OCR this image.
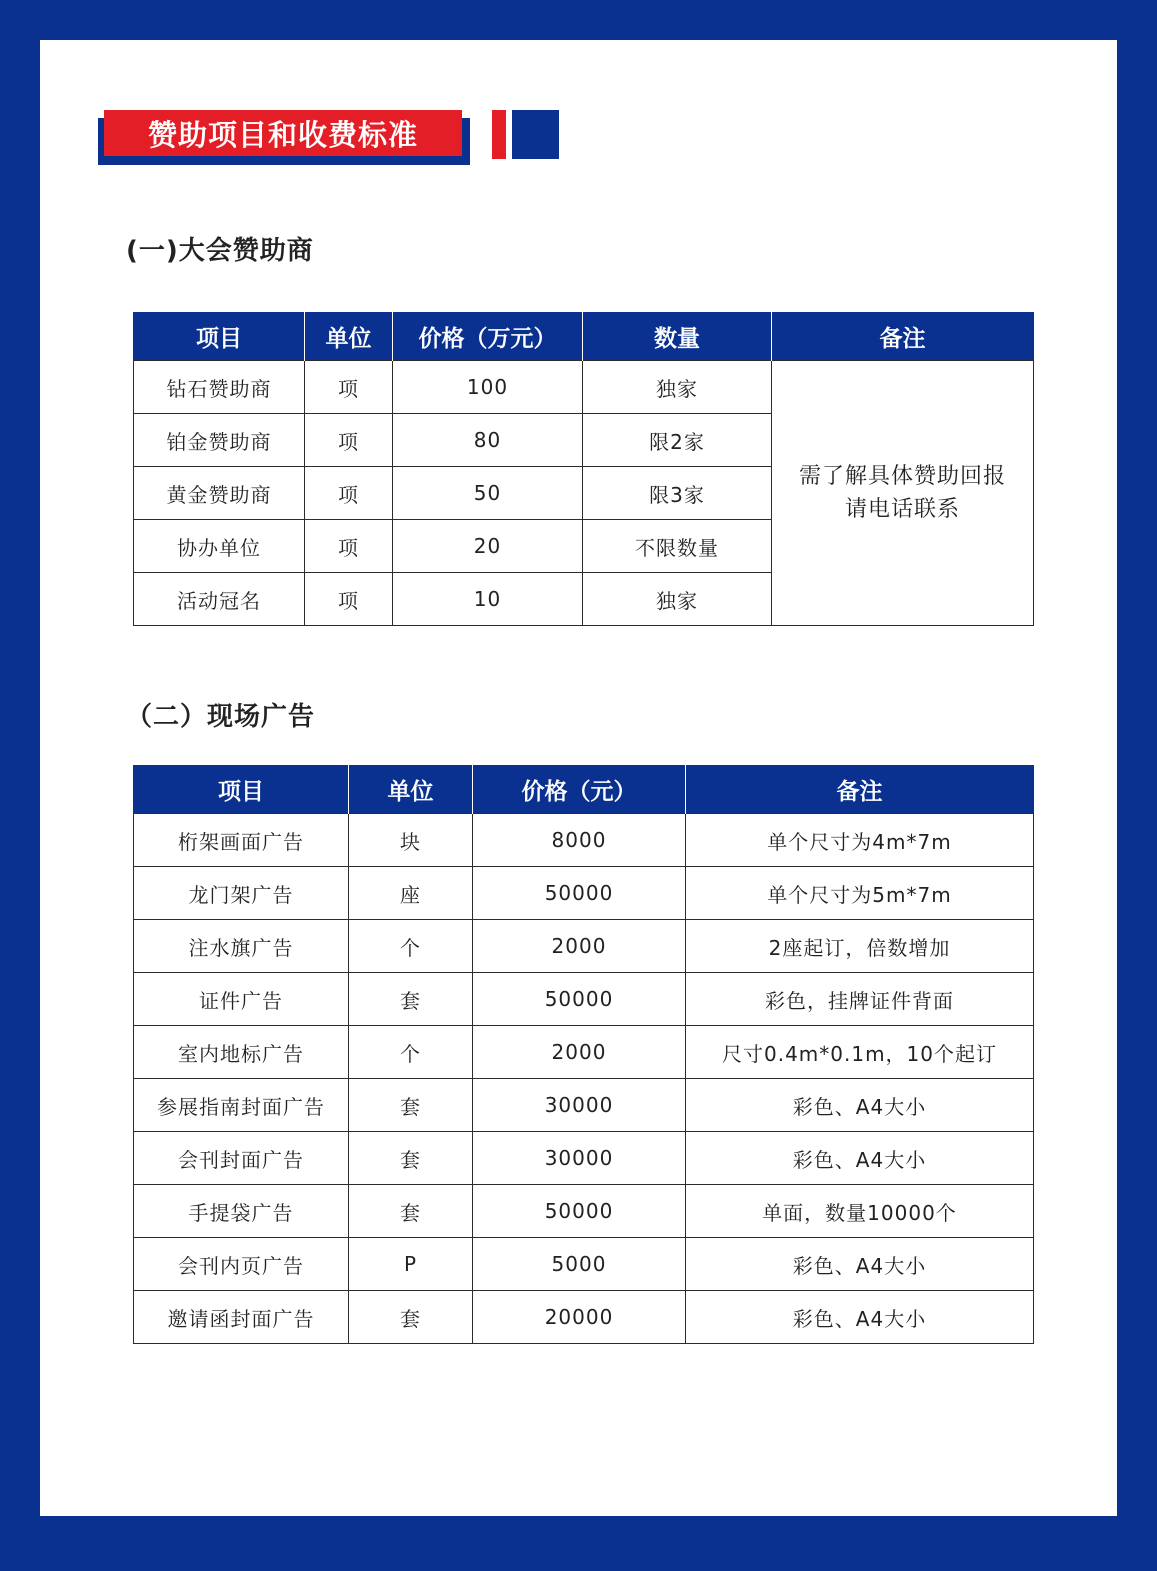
赞助项目和收费标准
(一)大会赞助商
项目	单位	价格（万元）	数量	备注
钻石赞助商	项	100	独家	需了解具体赞助回报
请电话联系

铂金赞助商	项	80	限2家	
黄金赞助商	项	50	限3家	
协办单位	项	20	不限数量	
活动冠名	项	10	独家	
（二）现场广告
项目	单位	价格（元）	备注
桁架画面广告	块	8000	单个尺寸为4m*7m
龙门架广告	座	50000	单个尺寸为5m*7m
注水旗广告	个	2000	2座起订，倍数增加
证件广告	套	50000	彩色，挂牌证件背面
室内地标广告	个	2000	尺寸0.4m*0.1m，10个起订
参展指南封面广告	套	30000	彩色、A4大小
会刊封面广告	套	30000	彩色、A4大小
手提袋广告	套	50000	单面，数量10000个
会刊内页广告	P	5000	彩色、A4大小
邀请函封面广告	套	20000	彩色、A4大小
